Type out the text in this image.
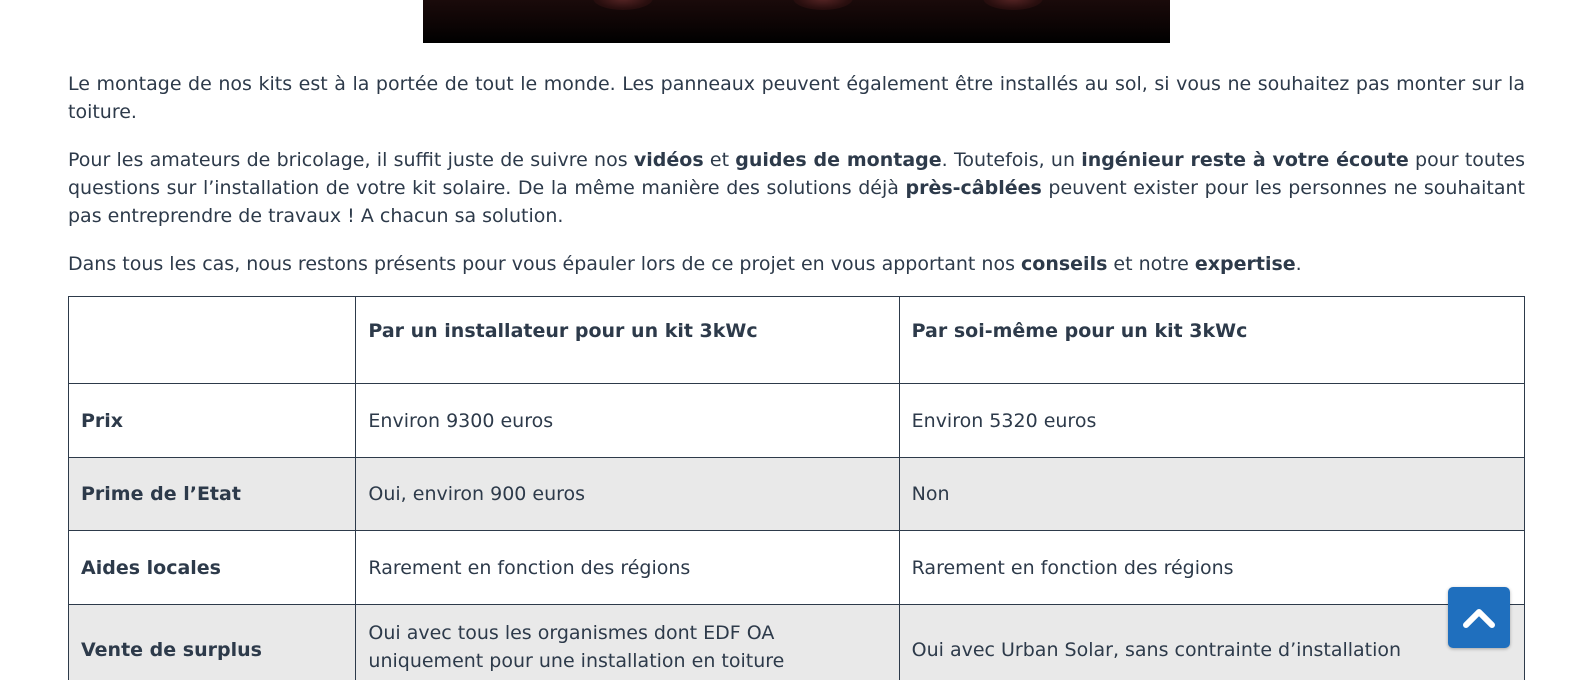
Le montage de nos kits est à la portée de tout le monde. Les panneaux peuvent également être installés au sol, si vous ne souhaitez pas monter sur la toiture.

Pour les amateurs de bricolage, il suffit juste de suivre nos vidéos et guides de montage. Toutefois, un ingénieur reste à votre écoute pour toutes questions sur l’installation de votre kit solaire. De la même manière des solutions déjà près-câblées peuvent exister pour les personnes ne souhaitant pas entreprendre de travaux ! A chacun sa solution.

Dans tous les cas, nous restons présents pour vous épauler lors de ce projet en vous apportant nos conseils et notre expertise.

	Par un installateur pour un kit 3kWc	Par soi-même pour un kit 3kWc
Prix	Environ 9300 euros	Environ 5320 euros
Prime de l’Etat	Oui, environ 900 euros	Non
Aides locales	Rarement en fonction des régions	Rarement en fonction des régions
Vente de surplus	Oui avec tous les organismes dont EDF OA uniquement pour une installation en toiture	Oui avec Urban Solar, sans contrainte d’installation
